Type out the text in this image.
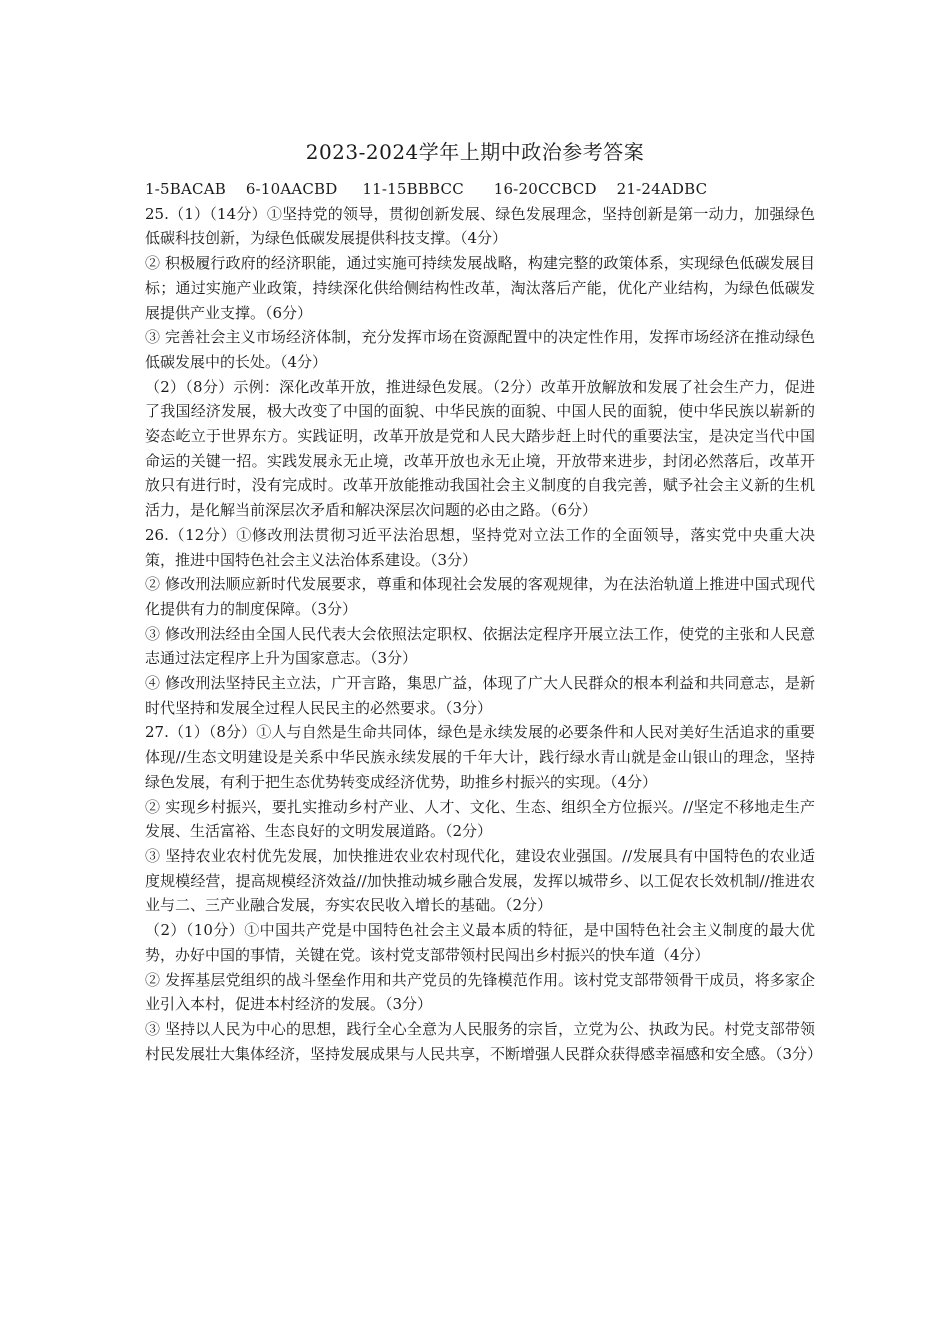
2023-2024学年上期中政治参考答案

1-5BACAB    6-10AACBD     11-15BBBCC      16-20CCBCD    21-24ADBC

25.（1）（14分）①坚持党的领导，贯彻创新发展、绿色发展理念，坚持创新是第一动力，加强绿色低碳科技创新，为绿色低碳发展提供科技支撑。（4分）

② 积极履行政府的经济职能，通过实施可持续发展战略，构建完整的政策体系，实现绿色低碳发展目标；通过实施产业政策，持续深化供给侧结构性改革，淘汰落后产能，优化产业结构，为绿色低碳发展提供产业支撑。（6分）

③ 完善社会主义市场经济体制，充分发挥市场在资源配置中的决定性作用，发挥市场经济在推动绿色低碳发展中的长处。（4分）

（2）（8分）示例：深化改革开放，推进绿色发展。（2分）改革开放解放和发展了社会生产力，促进了我国经济发展，极大改变了中国的面貌、中华民族的面貌、中国人民的面貌，使中华民族以崭新的姿态屹立于世界东方。实践证明，改革开放是党和人民大踏步赶上时代的重要法宝，是决定当代中国命运的关键一招。实践发展永无止境，改革开放也永无止境，开放带来进步，封闭必然落后，改革开放只有进行时，没有完成时。改革开放能推动我国社会主义制度的自我完善，赋予社会主义新的生机活力，是化解当前深层次矛盾和解决深层次问题的必由之路。（6分）

26.（12分）①修改刑法贯彻习近平法治思想，坚持党对立法工作的全面领导，落实党中央重大决策，推进中国特色社会主义法治体系建设。（3分）

② 修改刑法顺应新时代发展要求，尊重和体现社会发展的客观规律，为在法治轨道上推进中国式现代化提供有力的制度保障。（3分）

③ 修改刑法经由全国人民代表大会依照法定职权、依据法定程序开展立法工作，使党的主张和人民意志通过法定程序上升为国家意志。（3分）

④ 修改刑法坚持民主立法，广开言路，集思广益，体现了广大人民群众的根本利益和共同意志，是新时代坚持和发展全过程人民民主的必然要求。（3分）

27.（1）（8分）①人与自然是生命共同体，绿色是永续发展的必要条件和人民对美好生活追求的重要体现//生态文明建设是关系中华民族永续发展的千年大计，践行绿水青山就是金山银山的理念，坚持绿色发展，有利于把生态优势转变成经济优势，助推乡村振兴的实现。（4分）

② 实现乡村振兴，要扎实推动乡村产业、人才、文化、生态、组织全方位振兴。//坚定不移地走生产发展、生活富裕、生态良好的文明发展道路。（2分）

③ 坚持农业农村优先发展，加快推进农业农村现代化，建设农业强国。//发展具有中国特色的农业适度规模经营，提高规模经济效益//加快推动城乡融合发展，发挥以城带乡、以工促农长效机制//推进农业与二、三产业融合发展，夯实农民收入增长的基础。（2分）

（2）（10分）①中国共产党是中国特色社会主义最本质的特征，是中国特色社会主义制度的最大优势，办好中国的事情，关键在党。该村党支部带领村民闯出乡村振兴的快车道（4分）

② 发挥基层党组织的战斗堡垒作用和共产党员的先锋模范作用。该村党支部带领骨干成员，将多家企业引入本村，促进本村经济的发展。（3分）

③ 坚持以人民为中心的思想，践行全心全意为人民服务的宗旨，立党为公、执政为民。村党支部带领村民发展壮大集体经济，坚持发展成果与人民共享，不断增强人民群众获得感幸福感和安全感。（3分）
